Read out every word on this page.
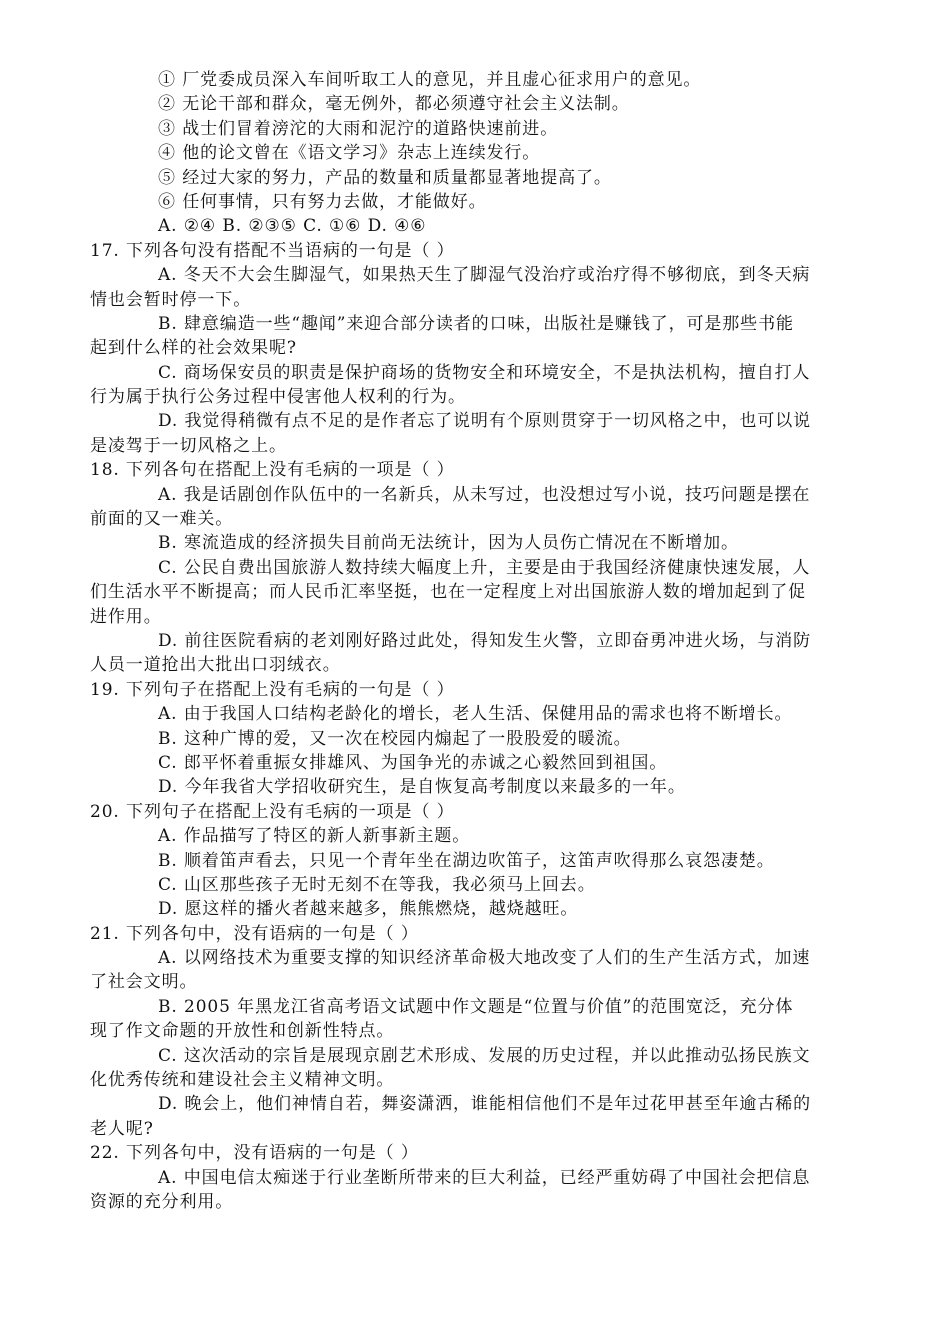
① 厂党委成员深入车间听取工人的意见，并且虚心征求用户的意见。
② 无论干部和群众，毫无例外，都必须遵守社会主义法制。
③ 战士们冒着滂沱的大雨和泥泞的道路快速前进。
④ 他的论文曾在《语文学习》杂志上连续发行。
⑤ 经过大家的努力，产品的数量和质量都显著地提高了。
⑥ 任何事情，只有努力去做，才能做好。
A. ②④ B. ②③⑤ C. ①⑥ D. ④⑥
17. 下列各句没有搭配不当语病的一句是（ ）
A. 冬天不大会生脚湿气，如果热天生了脚湿气没治疗或治疗得不够彻底，到冬天病
情也会暂时停一下。
B. 肆意编造一些“趣闻”来迎合部分读者的口味，出版社是赚钱了，可是那些书能
起到什么样的社会效果呢?
C. 商场保安员的职责是保护商场的货物安全和环境安全，不是执法机构，擅自打人
行为属于执行公务过程中侵害他人权利的行为。
D. 我觉得稍微有点不足的是作者忘了说明有个原则贯穿于一切风格之中，也可以说
是凌驾于一切风格之上。
18. 下列各句在搭配上没有毛病的一项是（ ）
A. 我是话剧创作队伍中的一名新兵，从未写过，也没想过写小说，技巧问题是摆在
前面的又一难关。
B. 寒流造成的经济损失目前尚无法统计，因为人员伤亡情况在不断增加。
C. 公民自费出国旅游人数持续大幅度上升，主要是由于我国经济健康快速发展，人
们生活水平不断提高；而人民币汇率坚挺，也在一定程度上对出国旅游人数的增加起到了促
进作用。
D. 前往医院看病的老刘刚好路过此处，得知发生火警，立即奋勇冲进火场，与消防
人员一道抢出大批出口羽绒衣。
19. 下列句子在搭配上没有毛病的一句是（ ）
A. 由于我国人口结构老龄化的增长，老人生活、保健用品的需求也将不断增长。
B. 这种广博的爱，又一次在校园内煽起了一股股爱的暖流。
C. 郎平怀着重振女排雄风、为国争光的赤诚之心毅然回到祖国。
D. 今年我省大学招收研究生，是自恢复高考制度以来最多的一年。
20. 下列句子在搭配上没有毛病的一项是（ ）
A. 作品描写了特区的新人新事新主题。
B. 顺着笛声看去，只见一个青年坐在湖边吹笛子，这笛声吹得那么哀怨凄楚。
C. 山区那些孩子无时无刻不在等我，我必须马上回去。
D. 愿这样的播火者越来越多，熊熊燃烧，越烧越旺。
21. 下列各句中，没有语病的一句是（ ）
A. 以网络技术为重要支撑的知识经济革命极大地改变了人们的生产生活方式，加速
了社会文明。
B. 2005 年黑龙江省高考语文试题中作文题是“位置与价值”的范围宽泛，充分体
现了作文命题的开放性和创新性特点。
C. 这次活动的宗旨是展现京剧艺术形成、发展的历史过程，并以此推动弘扬民族文
化优秀传统和建设社会主义精神文明。
D. 晚会上，他们神情自若，舞姿潇洒，谁能相信他们不是年过花甲甚至年逾古稀的
老人呢?
22. 下列各句中，没有语病的一句是（ ）
A. 中国电信太痴迷于行业垄断所带来的巨大利益，已经严重妨碍了中国社会把信息
资源的充分利用。
